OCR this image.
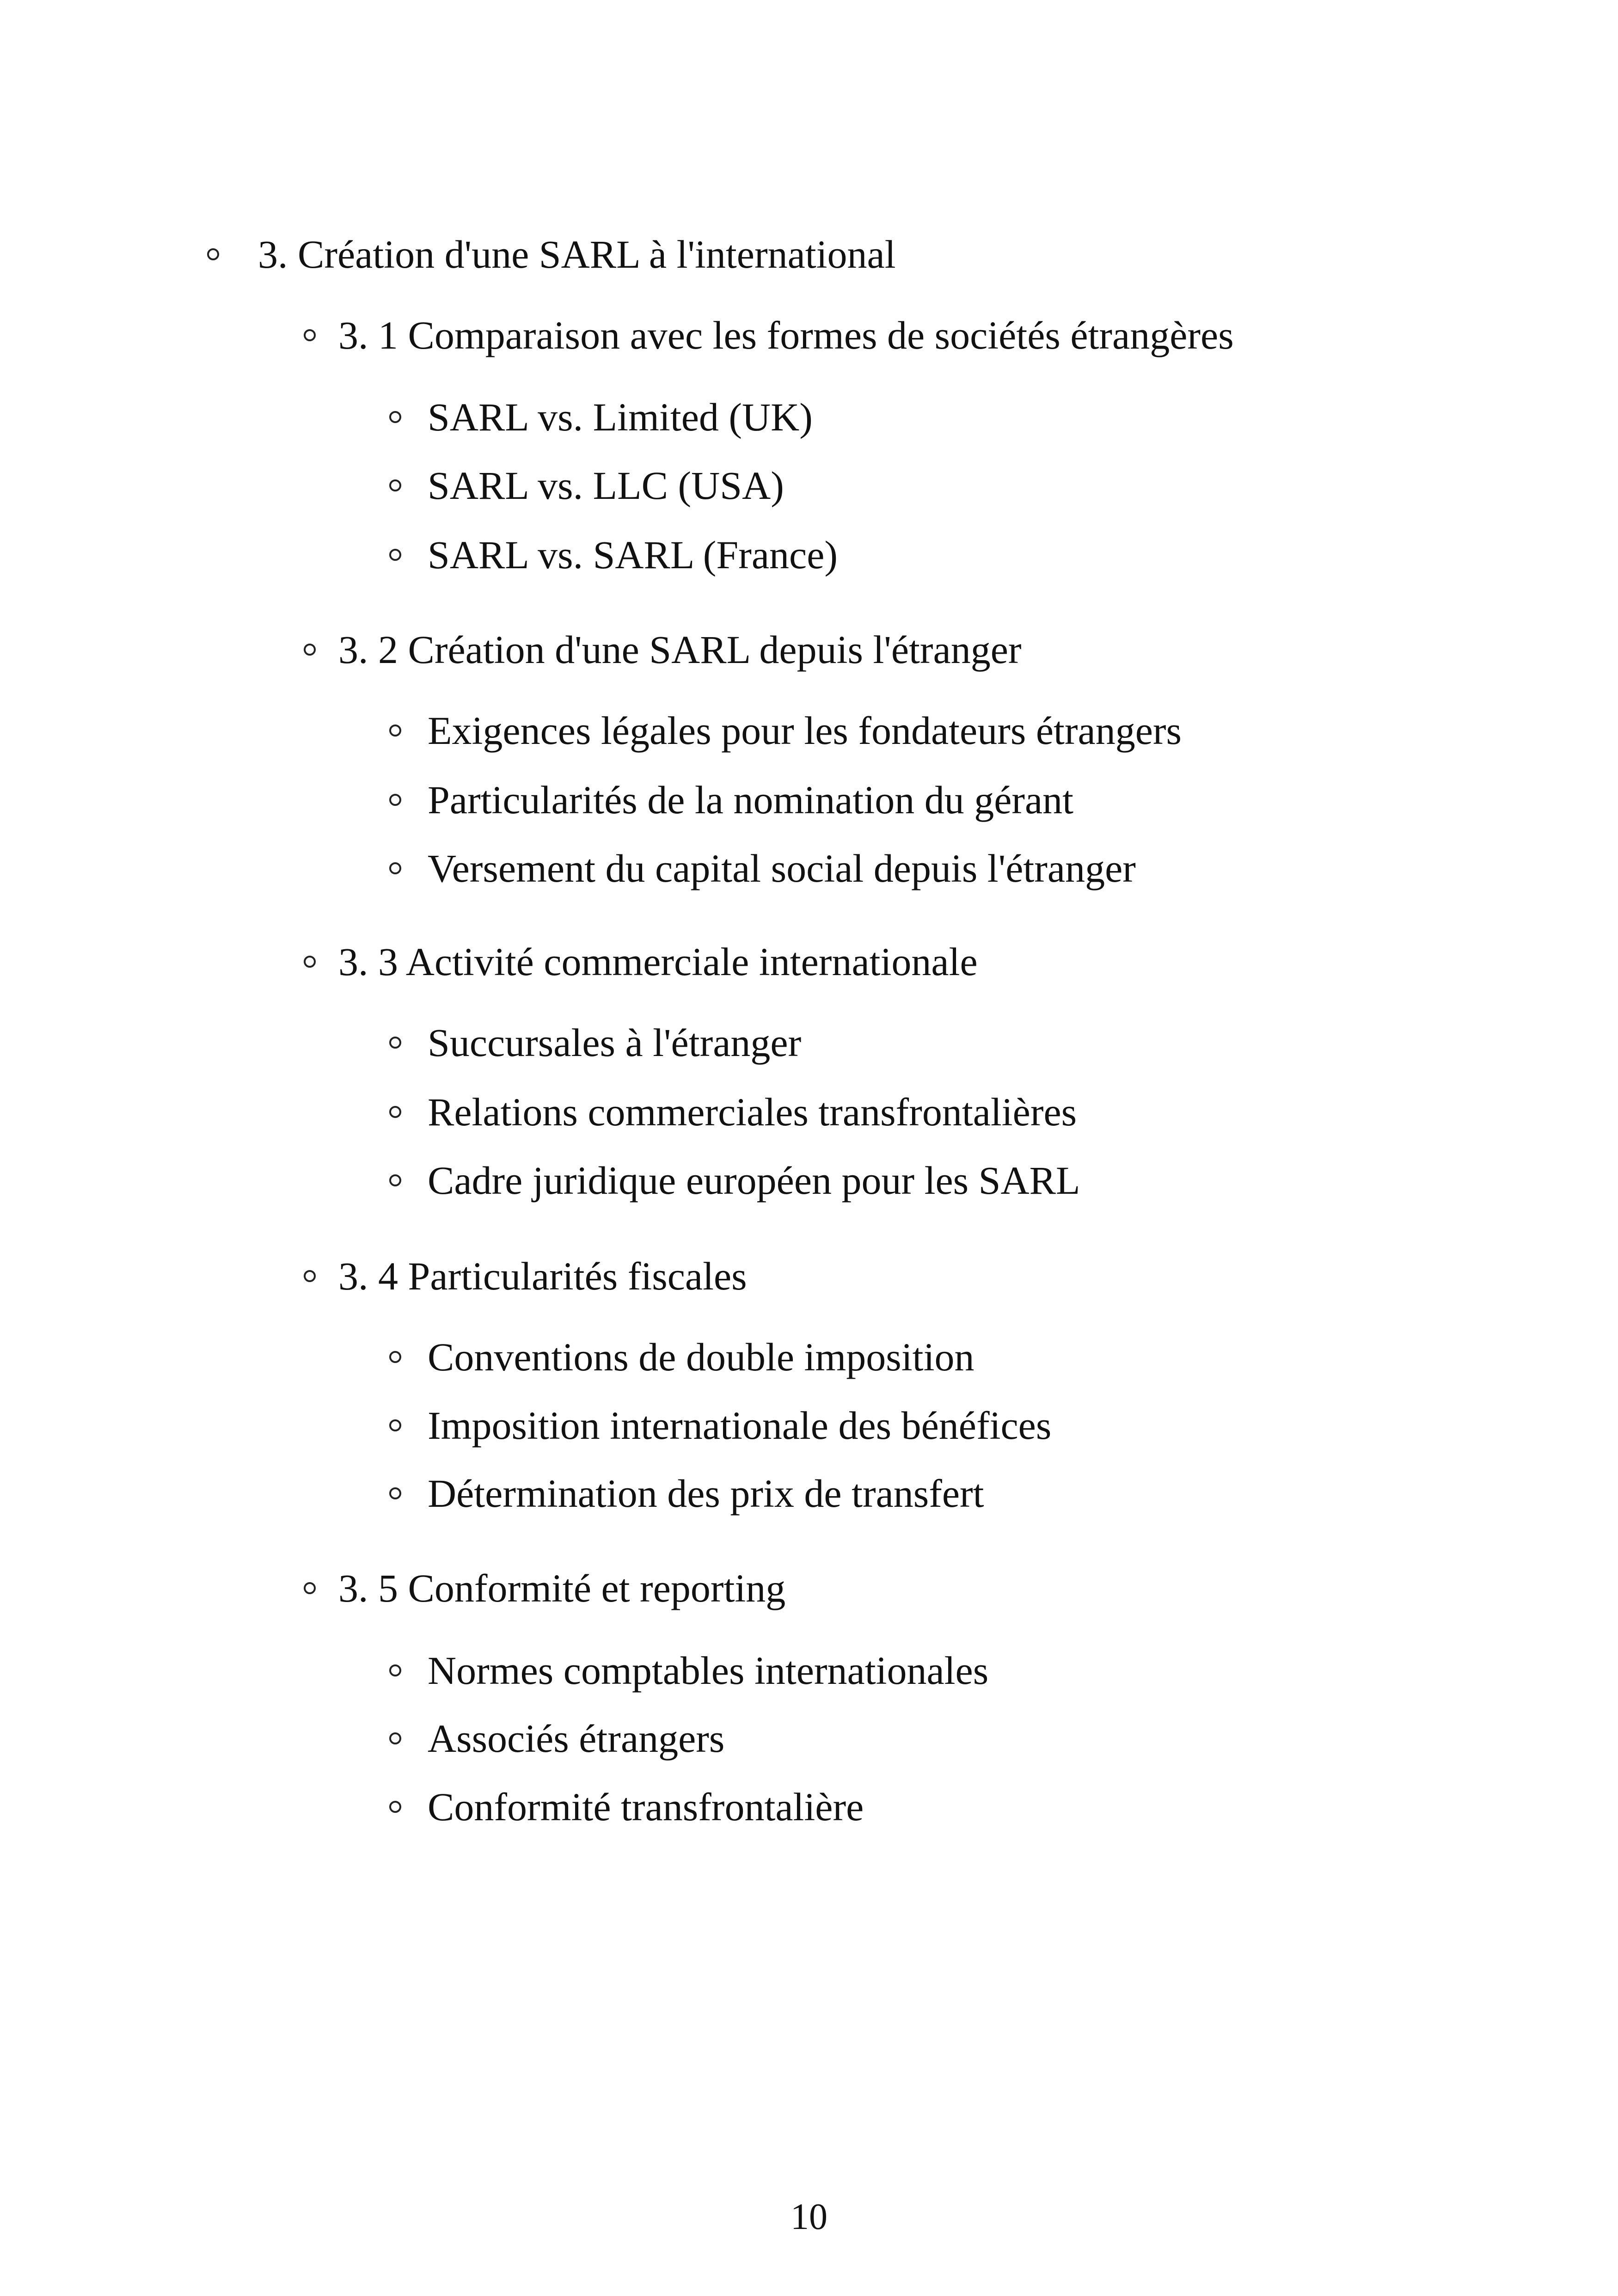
3. Création d'une SARL à l'international
3. 1 Comparaison avec les formes de sociétés étrangères
SARL vs. Limited (UK)
SARL vs. LLC (USA)
SARL vs. SARL (France)
3. 2 Création d'une SARL depuis l'étranger
Exigences légales pour les fondateurs étrangers
Particularités de la nomination du gérant
Versement du capital social depuis l'étranger
3. 3 Activité commerciale internationale
Succursales à l'étranger
Relations commerciales transfrontalières
Cadre juridique européen pour les SARL
3. 4 Particularités fiscales
Conventions de double imposition
Imposition internationale des bénéfices
Détermination des prix de transfert
3. 5 Conformité et reporting
Normes comptables internationales
Associés étrangers
Conformité transfrontalière
10
